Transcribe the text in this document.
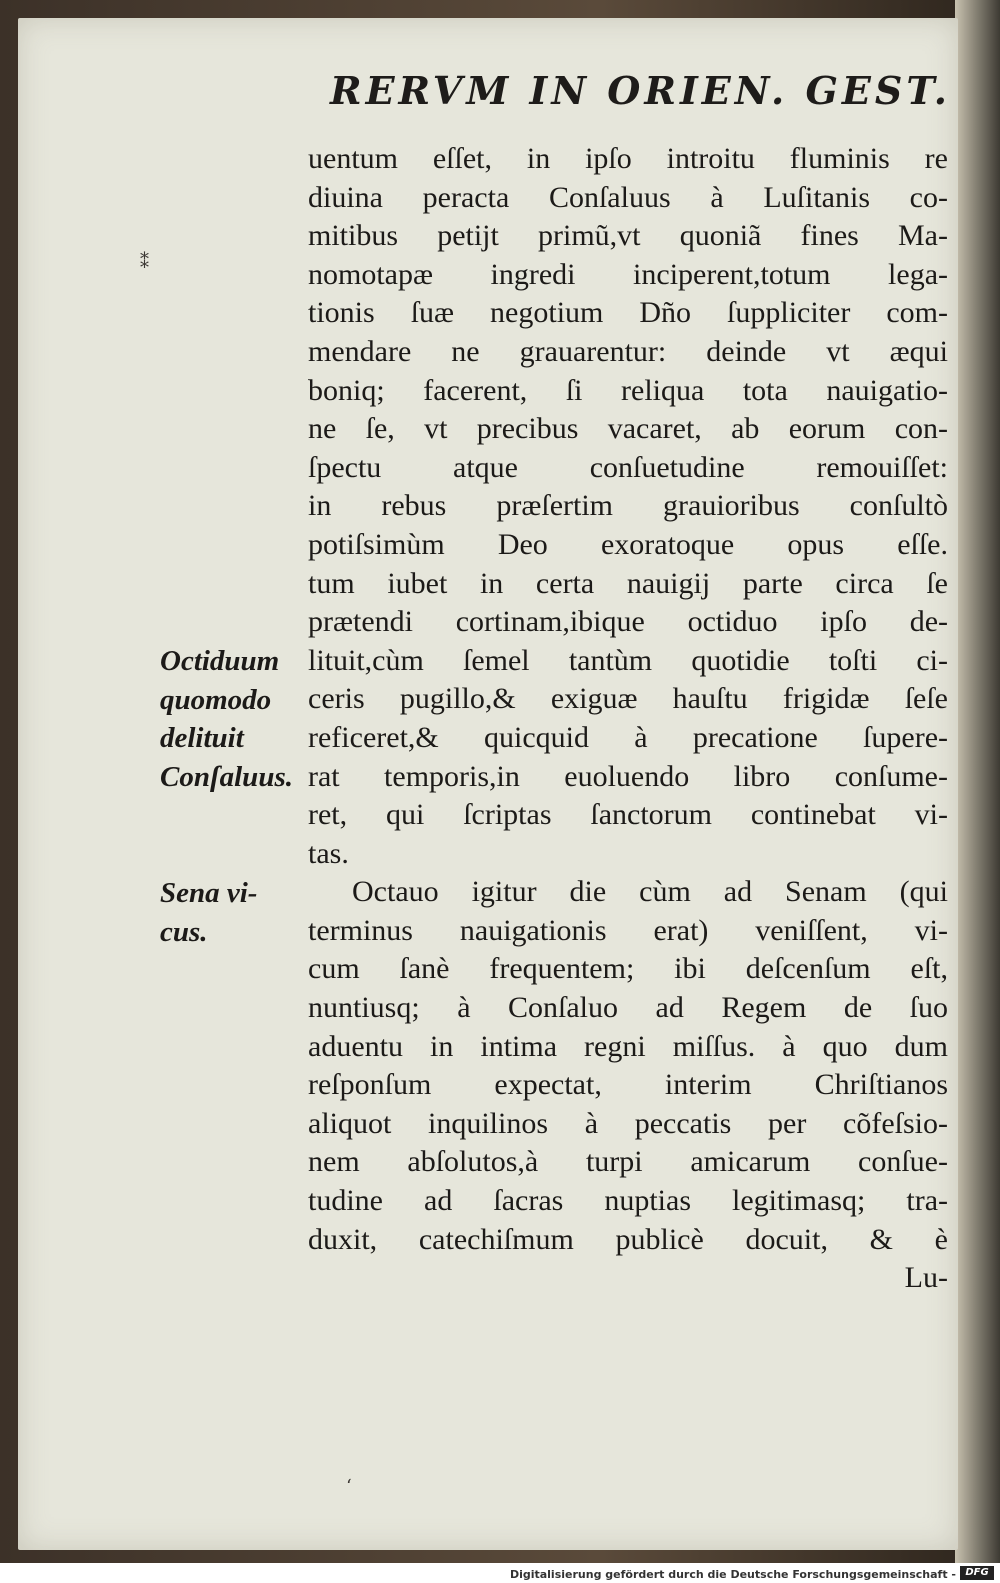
RERVM IN ORIEN. GEST.
uentum eſſet, in ipſo introitu fluminis re
diuina peracta Conſaluus à Luſitanis co-
mitibus petijt primũ,vt quoniã fines Ma-
nomotapæ ingredi inciperent,totum lega-
tionis ſuæ negotium Dño ſuppliciter com-
mendare ne grauarentur: deinde vt æqui
boniq; facerent, ſi reliqua tota nauigatio-
ne ſe, vt precibus vacaret, ab eorum con-
ſpectu atque conſuetudine remouiſſet:
in rebus præſertim grauioribus conſultò
potiſsimùm Deo exoratoque opus eſſe.
tum iubet in certa nauigij parte circa ſe
prætendi cortinam,ibique octiduo ipſo de-
lituit,cùm ſemel tantùm quotidie toſti ci-
ceris pugillo,& exiguæ hauſtu frigidæ ſeſe
reficeret,& quicquid à precatione ſupere-
rat temporis,in euoluendo libro conſume-
ret, qui ſcriptas ſanctorum continebat vi-
tas.
Octauo igitur die cùm ad Senam (qui
terminus nauigationis erat) veniſſent, vi-
cum ſanè frequentem; ibi deſcenſum eſt,
nuntiusq; à Conſaluo ad Regem de ſuo
aduentu in intima regni miſſus. à quo dum
reſponſum expectat, interim Chriſtianos
aliquot inquilinos à peccatis per cõfeſsio-
nem abſolutos,à turpi amicarum conſue-
tudine ad ſacras nuptias legitimasq; tra-
duxit, catechiſmum publicè docuit, & è
Lu-
Octiduum
quomodo
delituit
Conſaluus.
Sena vi-
cus.
⁑
‘
Digitalisierung gefördert durch die Deutsche Forschungsgemeinschaft - DFG
